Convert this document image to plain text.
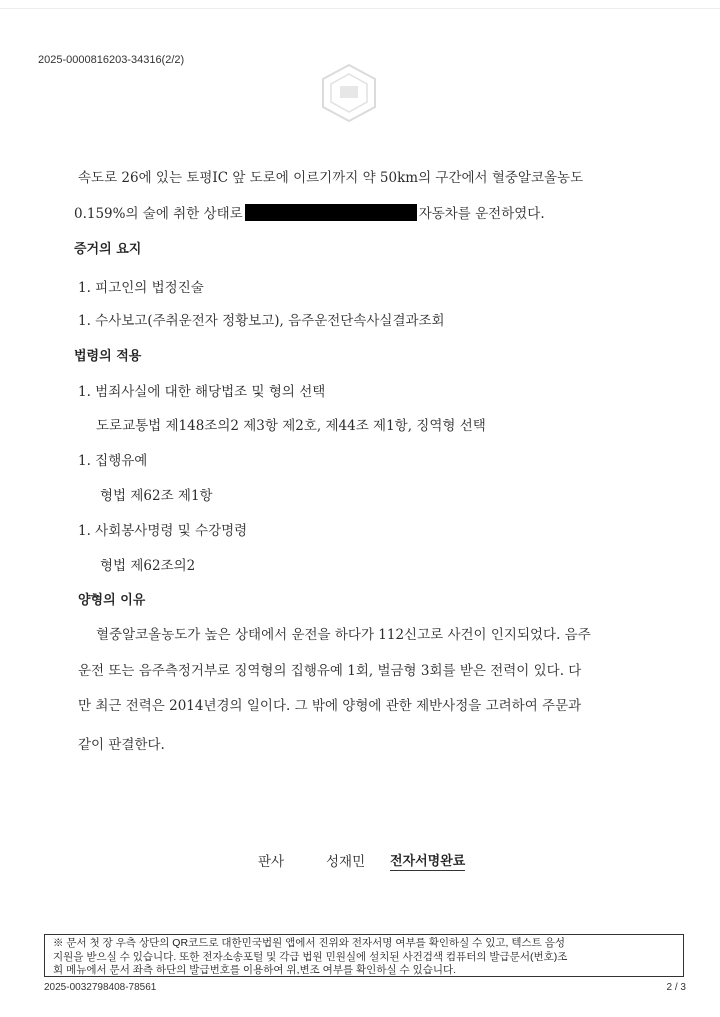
2025-0000816203-34316(2/2)
속도로 26에 있는 토평IC 앞 도로에 이르기까지 약 50km의 구간에서 혈중알코올농도
0.159%의 술에 취한 상태로	자동차를 운전하였다.
증거의 요지
1. 피고인의 법정진술
1. 수사보고(주취운전자 정황보고), 음주운전단속사실결과조회
법령의 적용
1. 범죄사실에 대한 해당법조 및 형의 선택
도로교통법 제148조의2 제3항 제2호, 제44조 제1항, 징역형 선택
1. 집행유예
형법 제62조 제1항
1. 사회봉사명령 및 수강명령
형법 제62조의2
양형의 이유
혈중알코올농도가 높은 상태에서 운전을 하다가 112신고로 사건이 인지되었다. 음주
운전 또는 음주측정거부로 징역형의 집행유예 1회, 벌금형 3회를 받은 전력이 있다. 다
만 최근 전력은 2014년경의 일이다. 그 밖에 양형에 관한 제반사정을 고려하여 주문과
같이 판결한다.
판사	성재민 전자서명완료
※ 문서 첫 장 우측 상단의 QR코드로 대한민국법원 앱에서 진위와 전자서명 여부를 확인하실 수 있고, 텍스트 음성
지원을 받으실 수 있습니다. 또한 전자소송포털 및 각급 법원 민원실에 설치된 사건검색 컴퓨터의 발급문서(번호)조
회 메뉴에서 문서 좌측 하단의 발급번호를 이용하여 위,변조 여부를 확인하실 수 있습니다.
2025-0032798408-78561	2 / 3
